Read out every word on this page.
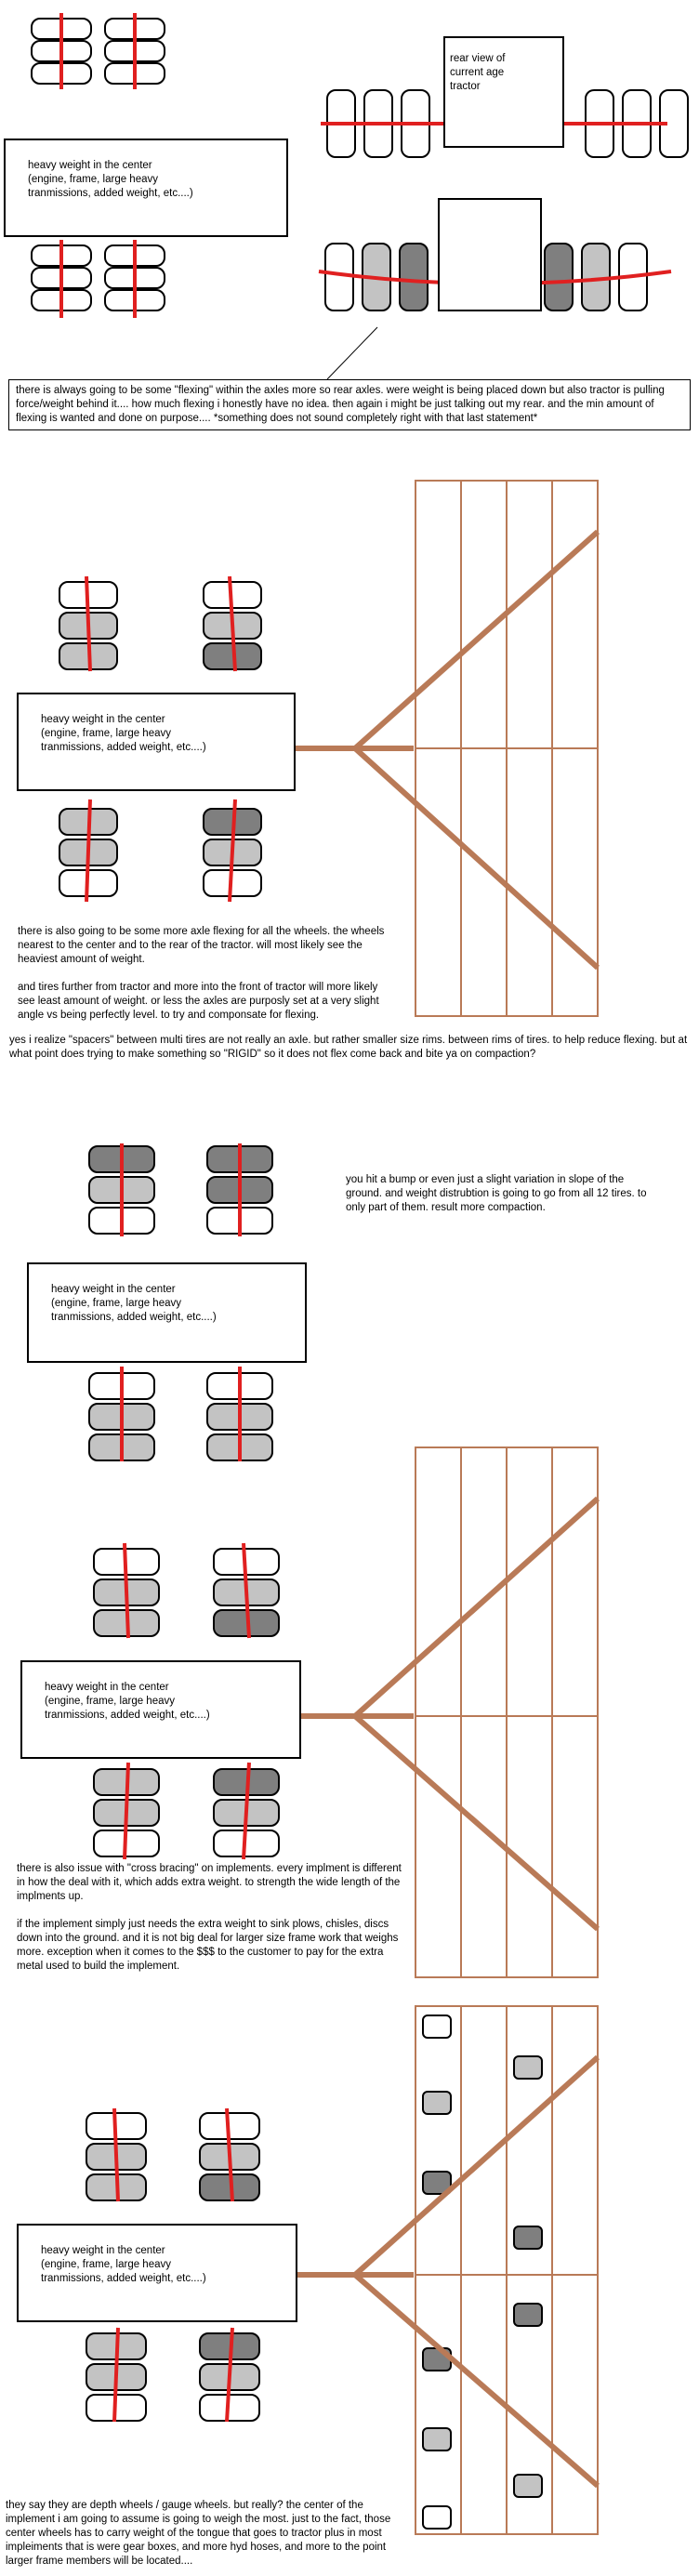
heavy weight in the center
(engine, frame, large heavy
tranmissions, added weight, etc....)
heavy weight in the center
(engine, frame, large heavy
tranmissions, added weight, etc....)
heavy weight in the center
(engine, frame, large heavy
tranmissions, added weight, etc....)
heavy weight in the center
(engine, frame, large heavy
tranmissions, added weight, etc....)
heavy weight in the center
(engine, frame, large heavy
tranmissions, added weight, etc....)

rear view of

current age

tractor

there is always going to be some "flexing" within the axles more so rear axles. were weight is being placed down but also tractor is pulling force/weight behind it.... how much flexing i honestly have no idea. then again i might be just talking out my rear. and the min amount of flexing is wanted and done on purpose.... *something does not sound completely right with that last statement*

there is also going to be some more axle flexing for all the wheels. the wheels nearest to the center and to the rear of the tractor. will most likely see the heaviest amount of weight.

and tires further from tractor and more into the front of tractor will more likely see least amount of weight. or less the axles are purposly set at a very slight angle vs being perfectly level. to try and componsate for flexing.

yes i realize "spacers" between multi tires are not really an axle. but rather smaller size rims. between rims of tires. to help reduce flexing. but at what point does trying to make something so "RIGID" so it does not flex come back and bite ya on compaction?

you hit a bump or even just a slight variation in slope of the ground. and weight distrubtion is going to go from all 12 tires. to only part of them. result more compaction.

there is also issue with "cross bracing" on implements. every implment is different in how the deal with it, which adds extra weight. to strength the wide length of the implments up.

if the implement simply just needs the extra weight to sink plows, chisles, discs down into the ground. and it is not big deal for larger size frame work that weighs more. exception when it comes to the $$$ to the customer to pay for the extra metal used to build the implement.

they say they are depth wheels / gauge wheels. but really? the center of the implement i am going to assume is going to weigh the most. just to the fact, those center wheels has to carry weight of the tongue that goes to tractor plus in most impleiments that is were gear boxes, and more hyd hoses, and more to the point larger frame members will be located....
